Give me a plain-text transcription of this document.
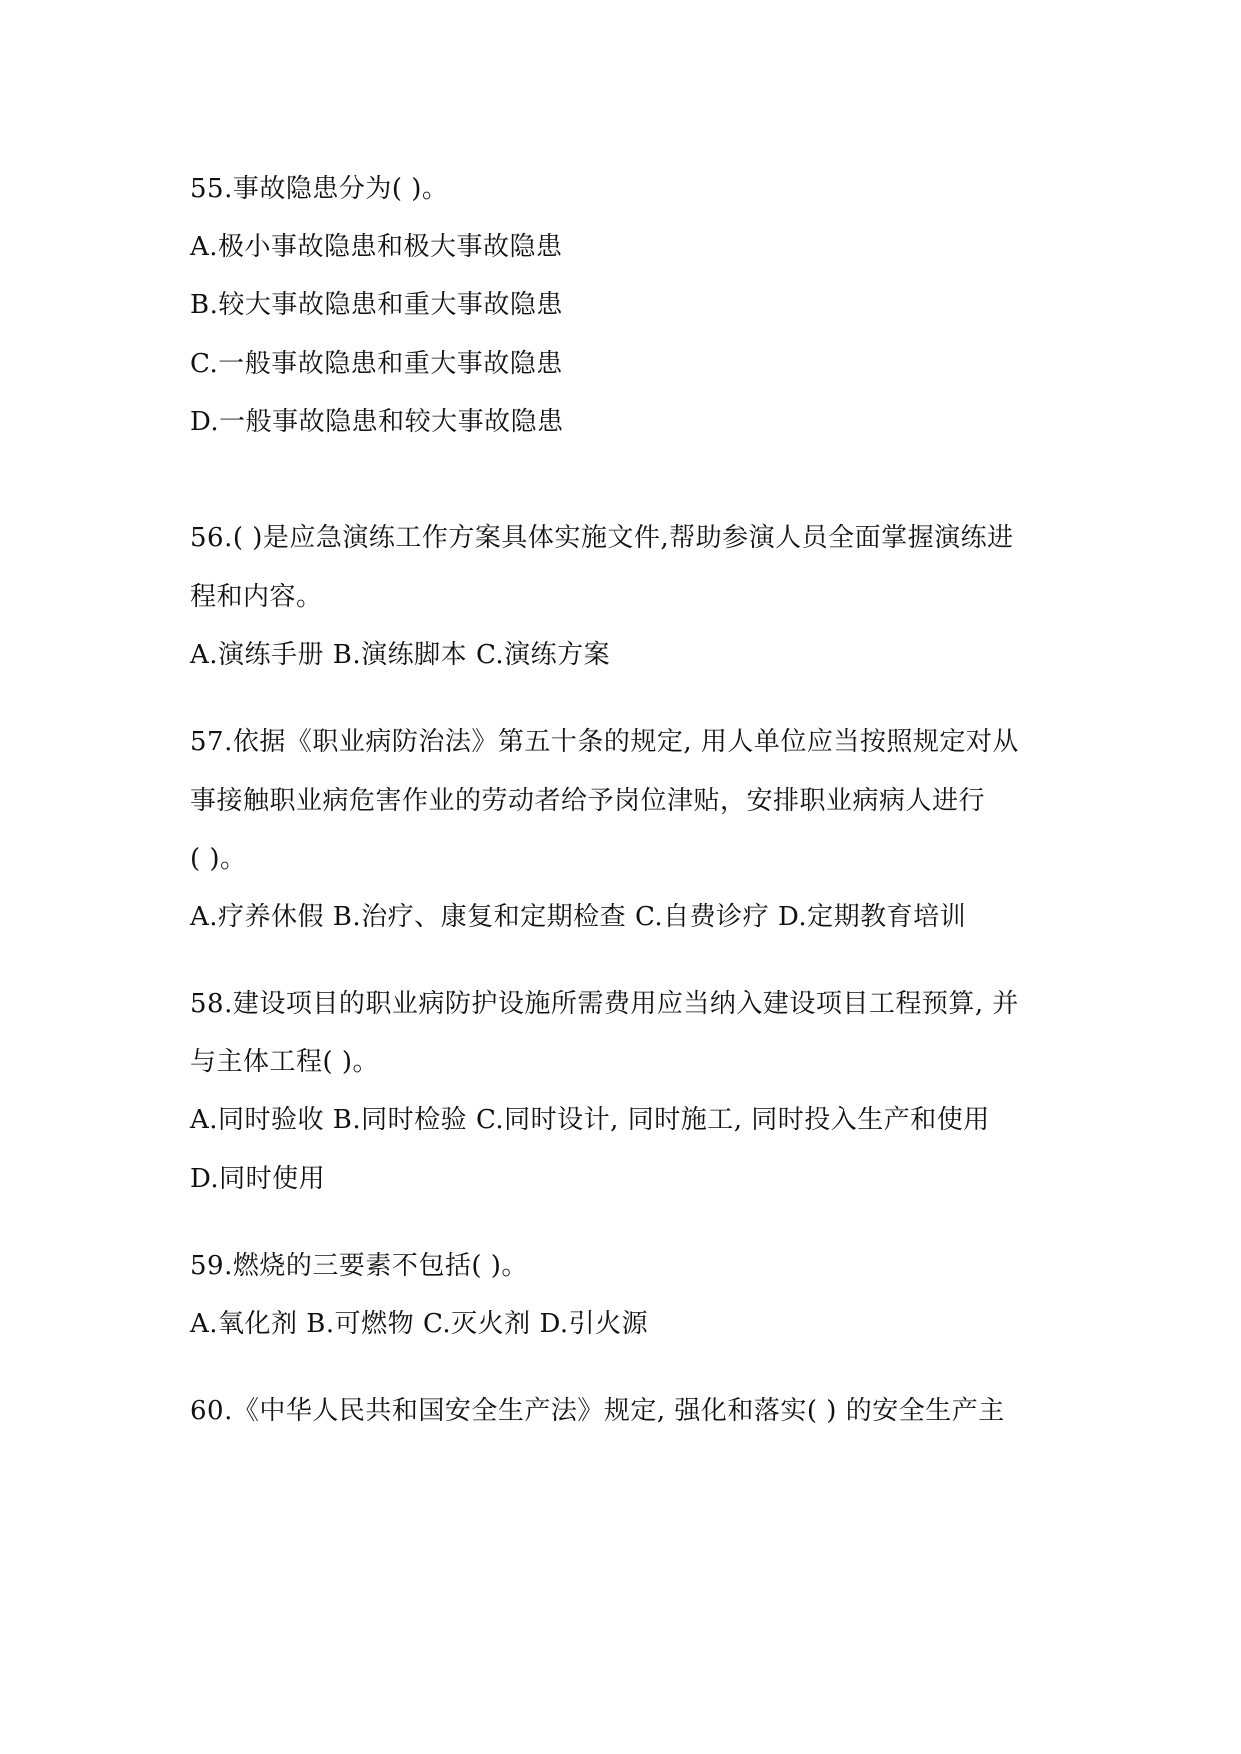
55.事故隐患分为( )。
A.极小事故隐患和极大事故隐患
B.较大事故隐患和重大事故隐患
C.一般事故隐患和重大事故隐患
D.一般事故隐患和较大事故隐患
56.( )是应急演练工作方案具体实施文件,帮助参演人员全面掌握演练进
程和内容。
A.演练手册 B.演练脚本 C.演练方案
57.依据《职业病防治法》第五十条的规定, 用人单位应当按照规定对从
事接触职业病危害作业的劳动者给予岗位津贴，安排职业病病人进行
( )。
A.疗养休假 B.治疗、康复和定期检查 C.自费诊疗 D.定期教育培训
58.建设项目的职业病防护设施所需费用应当纳入建设项目工程预算, 并
与主体工程( )。
A.同时验收 B.同时检验 C.同时设计, 同时施工, 同时投入生产和使用
D.同时使用
59.燃烧的三要素不包括( )。
A.氧化剂 B.可燃物 C.灭火剂 D.引火源
60.《中华人民共和国安全生产法》规定, 强化和落实( ) 的安全生产主
